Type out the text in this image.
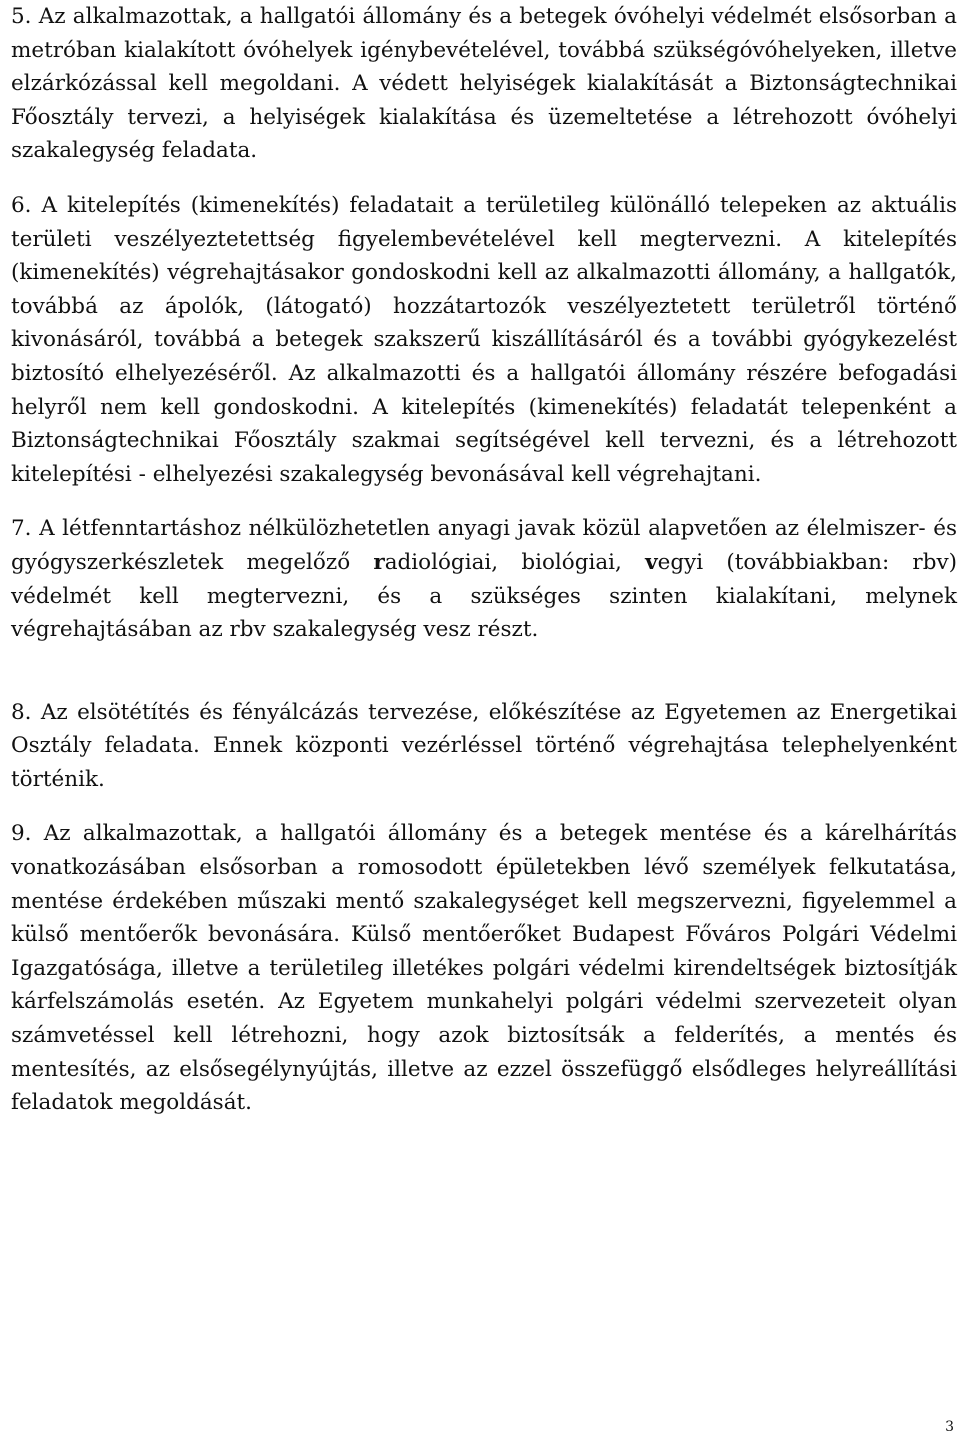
5. Az alkalmazottak, a hallgatói állomány és a betegek óvóhelyi védelmét elsősorban a metróban kialakított óvóhelyek igénybevételével, továbbá szükségóvóhelyeken, illetve elzárkózással kell megoldani. A védett helyiségek kialakítását a Biztonságtechnikai Főosztály tervezi, a helyiségek kialakítása és üzemeltetése a létrehozott óvóhelyi szakalegység feladata.

6. A kitelepítés (kimenekítés) feladatait a területileg különálló telepeken az aktuális területi veszélyeztetettség figyelembevételével kell megtervezni. A kitelepítés (kimenekítés) végrehajtásakor gondoskodni kell az alkalmazotti állomány, a hallgatók, továbbá az ápolók, (látogató) hozzátartozók veszélyeztetett területről történő kivonásáról, továbbá a betegek szakszerű kiszállításáról és a további gyógykezelést biztosító elhelyezéséről. Az alkalmazotti és a hallgatói állomány részére befogadási helyről nem kell gondoskodni. A kitelepítés (kimenekítés) feladatát telepenként a Biztonságtechnikai Főosztály szakmai segítségével kell tervezni, és a létrehozott kitelepítési - elhelyezési szakalegység bevonásával kell végrehajtani.

7. A létfenntartáshoz nélkülözhetetlen anyagi javak közül alapvetően az élelmiszer- és gyógyszerkészletek megelőző radiológiai, biológiai, vegyi (továbbiakban: rbv) védelmét kell megtervezni, és a szükséges szinten kialakítani, melynek végrehajtásában az rbv szakalegység vesz részt.

8. Az elsötétítés és fényálcázás tervezése, előkészítése az Egyetemen az Energetikai Osztály feladata. Ennek központi vezérléssel történő végrehajtása telephelyenként történik.

9. Az alkalmazottak, a hallgatói állomány és a betegek mentése és a kárelhárítás vonatkozásában elsősorban a romosodott épületekben lévő személyek felkutatása, mentése érdekében műszaki mentő szakalegységet kell megszervezni, figyelemmel a külső mentőerők bevonására. Külső mentőerőket Budapest Főváros Polgári Védelmi Igazgatósága, illetve a területileg illetékes polgári védelmi kirendeltségek biztosítják kárfelszámolás esetén. Az Egyetem munkahelyi polgári védelmi szervezeteit olyan számvetéssel kell létrehozni, hogy azok biztosítsák a felderítés, a mentés és mentesítés, az elsősegélynyújtás, illetve az ezzel összefüggő elsődleges helyreállítási feladatok megoldását.

3
